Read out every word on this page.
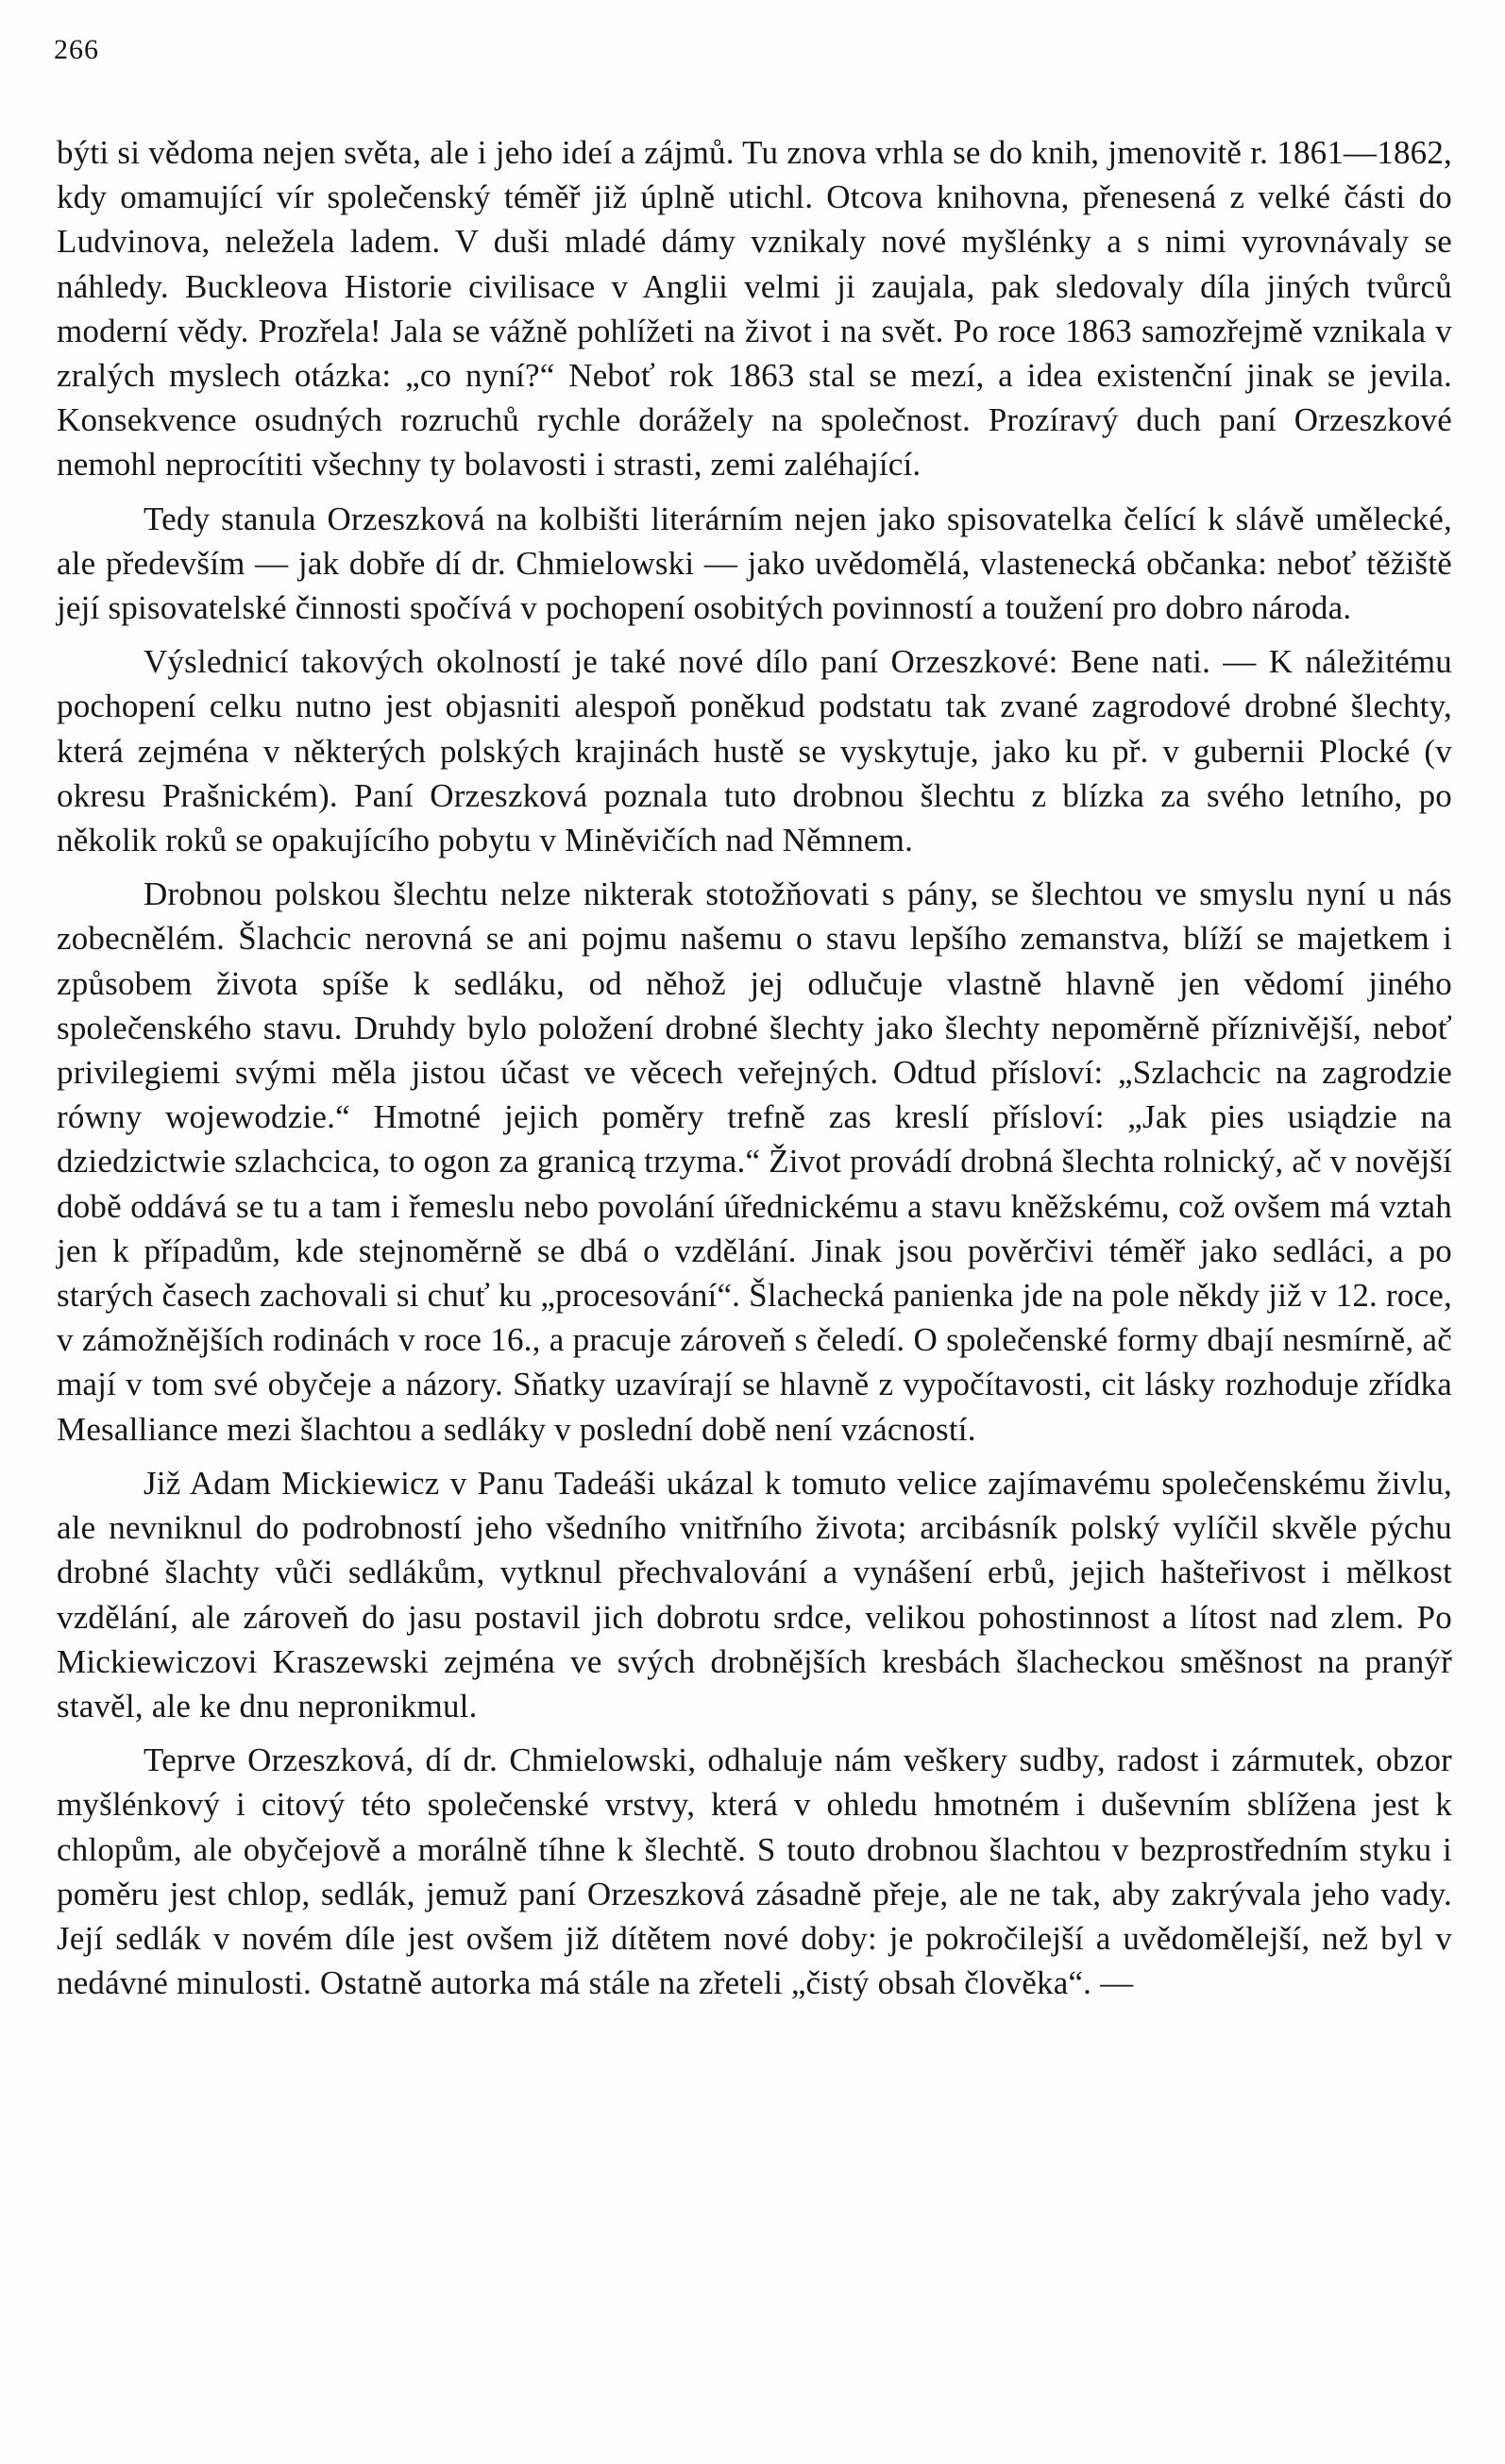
266

býti si vědoma nejen světa, ale i jeho ideí a zájmů. Tu znova vrhla se do knih, jmenovitě r. 1861—1862, kdy omamující vír společenský téměř již úplně utichl. Otcova knihovna, přenesená z velké části do Ludvinova, neležela ladem. V duši mladé dámy vznikaly nové myšlénky a s nimi vyrovnávaly se náhledy. Buckleova Historie civilisace v Anglii velmi ji zaujala, pak sledovaly díla jiných tvůrců moderní vědy. Prozřela! Jala se vážně pohlížeti na život i na svět. Po roce 1863 samozřejmě vznikala v zralých myslech otázka: „co nyní?“ Neboť rok 1863 stal se mezí, a idea existenční jinak se jevila. Konsekvence osudných rozruchů rychle dorážely na společnost. Prozíravý duch paní Orzeszkové nemohl neprocítiti všechny ty bolavosti i strasti, zemi zaléhající.

Tedy stanula Orzeszková na kolbišti literárním nejen jako spisovatelka čelící k slávě umělecké, ale především — jak dobře dí dr. Chmielowski — jako uvědomělá, vlastenecká občanka: neboť těžiště její spisovatelské činnosti spočívá v pochopení osobitých povinností a toužení pro dobro národa.

Výslednicí takových okolností je také nové dílo paní Orzeszkové: Bene nati. — K náležitému pochopení celku nutno jest objasniti alespoň poněkud podstatu tak zvané zagrodové drobné šlechty, která zejména v některých polských krajinách hustě se vyskytuje, jako ku př. v gubernii Plocké (v okresu Prašnickém). Paní Orzeszková poznala tuto drobnou šlechtu z blízka za svého letního, po několik roků se opakujícího pobytu v Miněvičích nad Němnem.

Drobnou polskou šlechtu nelze nikterak stotožňovati s pány, se šlechtou ve smyslu nyní u nás zobecnělém. Šlachcic nerovná se ani pojmu našemu o stavu lepšího zemanstva, blíží se majetkem i způsobem života spíše k sedláku, od něhož jej odlučuje vlastně hlavně jen vědomí jiného společenského stavu. Druhdy bylo položení drobné šlechty jako šlechty nepoměrně příznivější, neboť privilegiemi svými měla jistou účast ve věcech veřejných. Odtud přísloví: „Szlachcic na zagrodzie równy wojewodzie.“ Hmotné jejich poměry trefně zas kreslí přísloví: „Jak pies usiądzie na dziedzictwie szlachcica, to ogon za granicą trzyma.“ Život provádí drobná šlechta rolnický, ač v novější době oddává se tu a tam i řemeslu nebo povolání úřednickému a stavu kněžskému, což ovšem má vztah jen k případům, kde stejnoměrně se dbá o vzdělání. Jinak jsou pověrčivi téměř jako sedláci, a po starých časech zachovali si chuť ku „procesování“. Šlachecká panienka jde na pole někdy již v 12. roce, v zámožnějších rodinách v roce 16., a pracuje zároveň s čeledí. O společenské formy dbají nesmírně, ač mají v tom své obyčeje a názory. Sňatky uzavírají se hlavně z vypočítavosti, cit lásky rozhoduje zřídka Mesalliance mezi šlachtou a sedláky v poslední době není vzácností.

Již Adam Mickiewicz v Panu Tadeáši ukázal k tomuto velice zajímavému společenskému živlu, ale nevniknul do podrobností jeho všedního vnitřního života; arcibásník polský vylíčil skvěle pýchu drobné šlachty vůči sedlákům, vytknul přechvalování a vynášení erbů, jejich hašteřivost i mělkost vzdělání, ale zároveň do jasu postavil jich dobrotu srdce, velikou pohostinnost a lítost nad zlem. Po Mickiewiczovi Kraszewski zejména ve svých drobnějších kresbách šlacheckou směšnost na pranýř stavěl, ale ke dnu nepronikmul.

Teprve Orzeszková, dí dr. Chmielowski, odhaluje nám veškery sudby, radost i zármutek, obzor myšlénkový i citový této společenské vrstvy, která v ohledu hmotném i duševním sblížena jest k chlopům, ale obyčejově a morálně tíhne k šlechtě. S touto drobnou šlachtou v bezprostředním styku i poměru jest chlop, sedlák, jemuž paní Orzeszková zásadně přeje, ale ne tak, aby zakrývala jeho vady. Její sedlák v novém díle jest ovšem již dítětem nové doby: je pokročilejší a uvědomělejší, než byl v nedávné minulosti. Ostatně autorka má stále na zřeteli „čistý obsah člověka“. —
